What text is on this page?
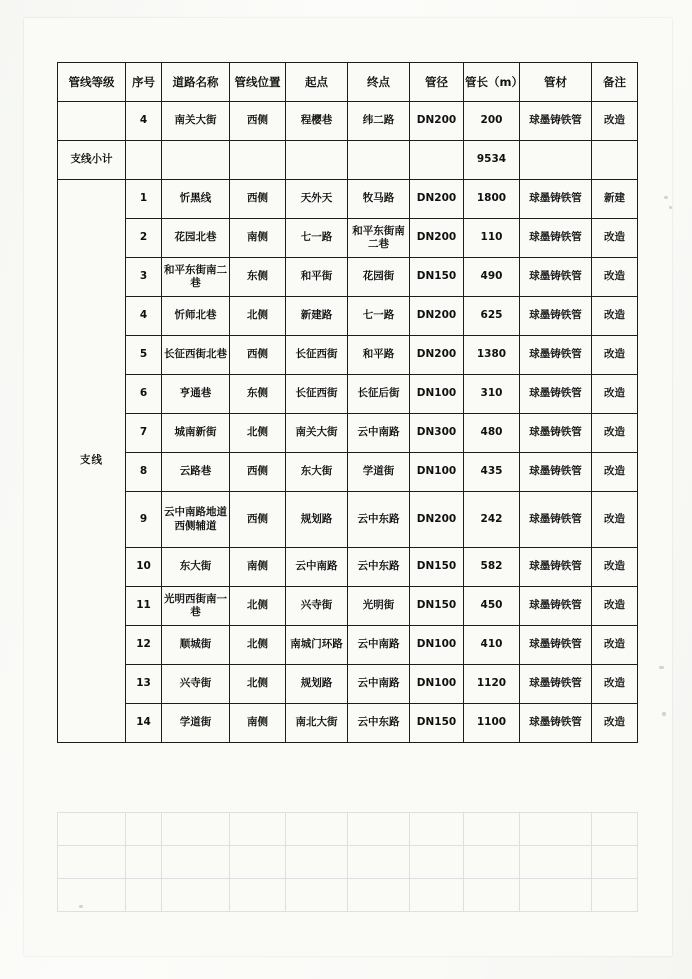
管线等级	序号	道路名称	管线位置	起点	终点	管径	管长（m）	管材	备注
	4	南关大街	西侧	程樱巷	纬二路	DN200	200	球墨铸铁管	改造
支线小计							9534		
支线	1	忻黑线	西侧	天外天	牧马路	DN200	1800	球墨铸铁管	新建
	2	花园北巷	南侧	七一路	和平东街南二巷	DN200	110	球墨铸铁管	改造
	3	和平东街南二巷	东侧	和平街	花园街	DN150	490	球墨铸铁管	改造
	4	忻师北巷	北侧	新建路	七一路	DN200	625	球墨铸铁管	改造
	5	长征西街北巷	西侧	长征西街	和平路	DN200	1380	球墨铸铁管	改造
	6	亨通巷	东侧	长征西街	长征后街	DN100	310	球墨铸铁管	改造
	7	城南新街	北侧	南关大街	云中南路	DN300	480	球墨铸铁管	改造
	8	云路巷	西侧	东大街	学道街	DN100	435	球墨铸铁管	改造
	9	云中南路地道西侧辅道	西侧	规划路	云中东路	DN200	242	球墨铸铁管	改造
	10	东大街	南侧	云中南路	云中东路	DN150	582	球墨铸铁管	改造
	11	光明西街南一巷	北侧	兴寺街	光明街	DN150	450	球墨铸铁管	改造
	12	顺城街	北侧	南城门环路	云中南路	DN100	410	球墨铸铁管	改造
	13	兴寺街	北侧	规划路	云中南路	DN100	1120	球墨铸铁管	改造
	14	学道街	南侧	南北大街	云中东路	DN150	1100	球墨铸铁管	改造
